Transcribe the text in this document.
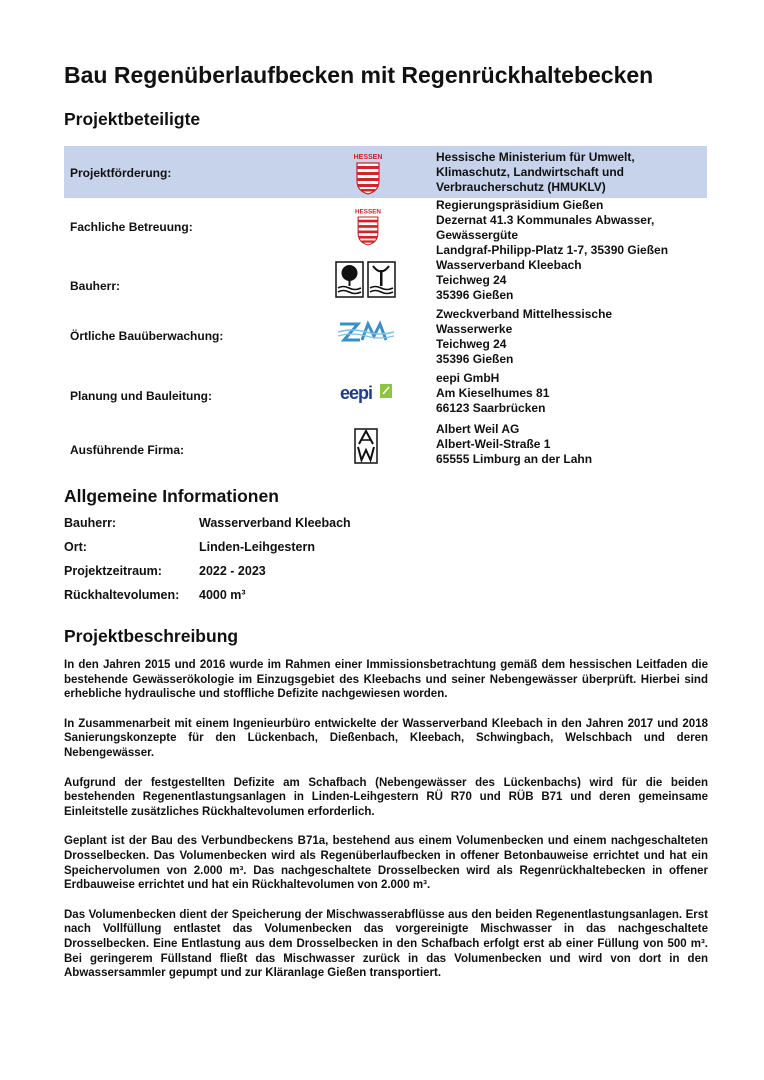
Bau Regenüberlaufbecken mit Regenrückhaltebecken
Projektbeteiligte
Projektförderung:
HESSEN	Hessische Ministerium für Umwelt,
Klimaschutz, Landwirtschaft und
Verbraucherschutz (HMUKLV)
Fachliche Betreuung:
HESSEN	Regierungspräsidium Gießen
Dezernat 41.3 Kommunales Abwasser,
Gewässergüte
Landgraf-Philipp-Platz 1-7, 35390 Gießen
Bauherr:
Wasserverband Kleebach
Teichweg 24
35396 Gießen
Örtliche Bauüberwachung:
Zweckverband Mittelhessische
Wasserwerke
Teichweg 24
35396 Gießen
Planung und Bauleitung:	eepi
eepi GmbH
Am Kieselhumes 81
66123 Saarbrücken
Ausführende Firma:
Albert Weil AG
Albert-Weil-Straße 1
65555 Limburg an der Lahn
Allgemeine Informationen
Bauherr:	Wasserverband Kleebach
Ort:	Linden-Leihgestern
Projektzeitraum:	2022 - 2023
Rückhaltevolumen: 4000 m³
Projektbeschreibung

In den Jahren 2015 und 2016 wurde im Rahmen einer Immissionsbetrachtung gemäß dem hessischen Leitfaden die bestehende Gewässerökologie im Einzugsgebiet des Kleebachs und seiner Nebengewässer überprüft. Hierbei sind erhebliche hydraulische und stoffliche Defizite nachgewiesen worden.

In Zusammenarbeit mit einem Ingenieurbüro entwickelte der Wasserverband Kleebach in den Jahren 2017 und 2018 Sanierungskonzepte für den Lückenbach, Dießenbach, Kleebach, Schwingbach, Welschbach und deren Nebengewässer.

Aufgrund der festgestellten Defizite am Schafbach (Nebengewässer des Lückenbachs) wird für die beiden bestehenden Regenentlastungsanlagen in Linden-Leihgestern RÜ R70 und RÜB B71 und deren gemeinsame Einleitstelle zusätzliches Rückhaltevolumen erforderlich.

Geplant ist der Bau des Verbundbeckens B71a, bestehend aus einem Volumenbecken und einem nachgeschalteten Drosselbecken. Das Volumenbecken wird als Regenüberlaufbecken in offener Betonbauweise errichtet und hat ein Speichervolumen von 2.000 m³. Das nachgeschaltete Drosselbecken wird als Regenrückhaltebecken in offener Erdbauweise errichtet und hat ein Rückhaltevolumen von 2.000 m³.

Das Volumenbecken dient der Speicherung der Mischwasserabflüsse aus den beiden Regenentlastungsanlagen. Erst nach Vollfüllung entlastet das Volumenbecken das vorgereinigte Mischwasser in das nachgeschaltete Drosselbecken. Eine Entlastung aus dem Drosselbecken in den Schafbach erfolgt erst ab einer Füllung von 500 m³. Bei geringerem Füllstand fließt das Mischwasser zurück in das Volumenbecken und wird von dort in den Abwassersammler gepumpt und zur Kläranlage Gießen transportiert.
